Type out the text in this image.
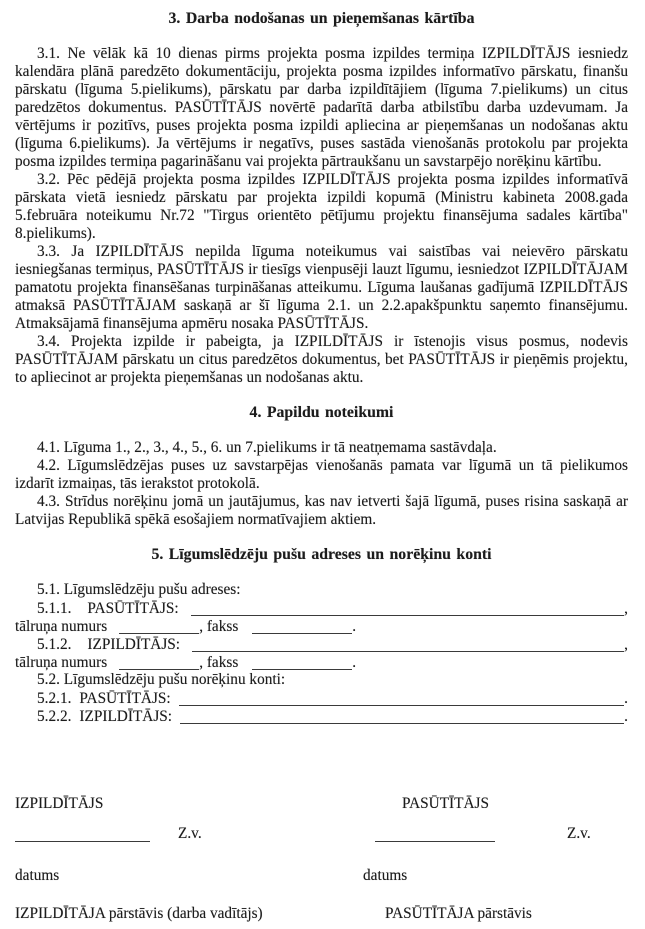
3. Darba nodošanas un pieņemšanas kārtība

3.1. Ne vēlāk kā 10 dienas pirms projekta posma izpildes termiņa IZPILDĪTĀJS iesniedz kalendāra plānā paredzēto dokumentāciju, projekta posma izpildes informatīvo pārskatu, finanšu pārskatu (līguma 5.pielikums), pārskatu par darba izpildītājiem (līguma 7.pielikums) un citus paredzētos dokumentus. PASŪTĪTĀJS novērtē padarītā darba atbilstību darba uzdevumam. Ja vērtējums ir pozitīvs, puses projekta posma izpildi apliecina ar pieņemšanas un nodošanas aktu (līguma 6.pielikums). Ja vērtējums ir negatīvs, puses sastāda vienošanās protokolu par projekta posma izpildes termiņa pagarināšanu vai projekta pārtraukšanu un savstarpējo norēķinu kārtību.

3.2. Pēc pēdējā projekta posma izpildes IZPILDĪTĀJS projekta posma izpildes informatīvā pārskata vietā iesniedz pārskatu par projekta izpildi kopumā (Ministru kabineta 2008.gada 5.februāra noteikumu Nr.72 "Tirgus orientēto pētījumu projektu finansējuma sadales kārtība" 8.pielikums).

3.3. Ja IZPILDĪTĀJS nepilda līguma noteikumus vai saistības vai neievēro pārskatu iesniegšanas termiņus, PASŪTĪTĀJS ir tiesīgs vienpusēji lauzt līgumu, iesniedzot IZPILDĪTĀJAM pamatotu projekta finansēšanas turpināšanas atteikumu. Līguma laušanas gadījumā IZPILDĪTĀJS atmaksā PASŪTĪTĀJAM saskaņā ar šī līguma 2.1. un 2.2.apakšpunktu saņemto finansējumu. Atmaksājamā finansējuma apmēru nosaka PASŪTĪTĀJS.

3.4. Projekta izpilde ir pabeigta, ja IZPILDĪTĀJS ir īstenojis visus posmus, nodevis PASŪTĪTĀJAM pārskatu un citus paredzētos dokumentus, bet PASŪTĪTĀJS ir pieņēmis projektu, to apliecinot ar projekta pieņemšanas un nodošanas aktu.

4. Papildu noteikumi

4.1. Līguma 1., 2., 3., 4., 5., 6. un 7.pielikums ir tā neatņemama sastāvdaļa.

4.2. Līgumslēdzējas puses uz savstarpējas vienošanās pamata var līgumā un tā pielikumos izdarīt izmaiņas, tās ierakstot protokolā.

4.3. Strīdus norēķinu jomā un jautājumus, kas nav ietverti šajā līgumā, puses risina saskaņā ar Latvijas Republikā spēkā esošajiem normatīvajiem aktiem.

5. Līgumslēdzēju pušu adreses un norēķinu konti

5.1. Līgumslēdzēju pušu adreses:

5.1.1. PASŪTĪTĀJS:	,
tālruņa numurs	, fakss	.
5.1.2. IZPILDĪTĀJS:	,
tālruņa numurs	, fakss	.

5.2. Līgumslēdzēju pušu norēķinu konti:

5.2.1. PASŪTĪTĀJS:	.
5.2.2. IZPILDĪTĀJS:	.
IZPILDĪTĀJS	PASŪTĪTĀJS
Z.v.	Z.v.
datums	datums
IZPILDĪTĀJA pārstāvis (darba vadītājs)	PASŪTĪTĀJA pārstāvis
